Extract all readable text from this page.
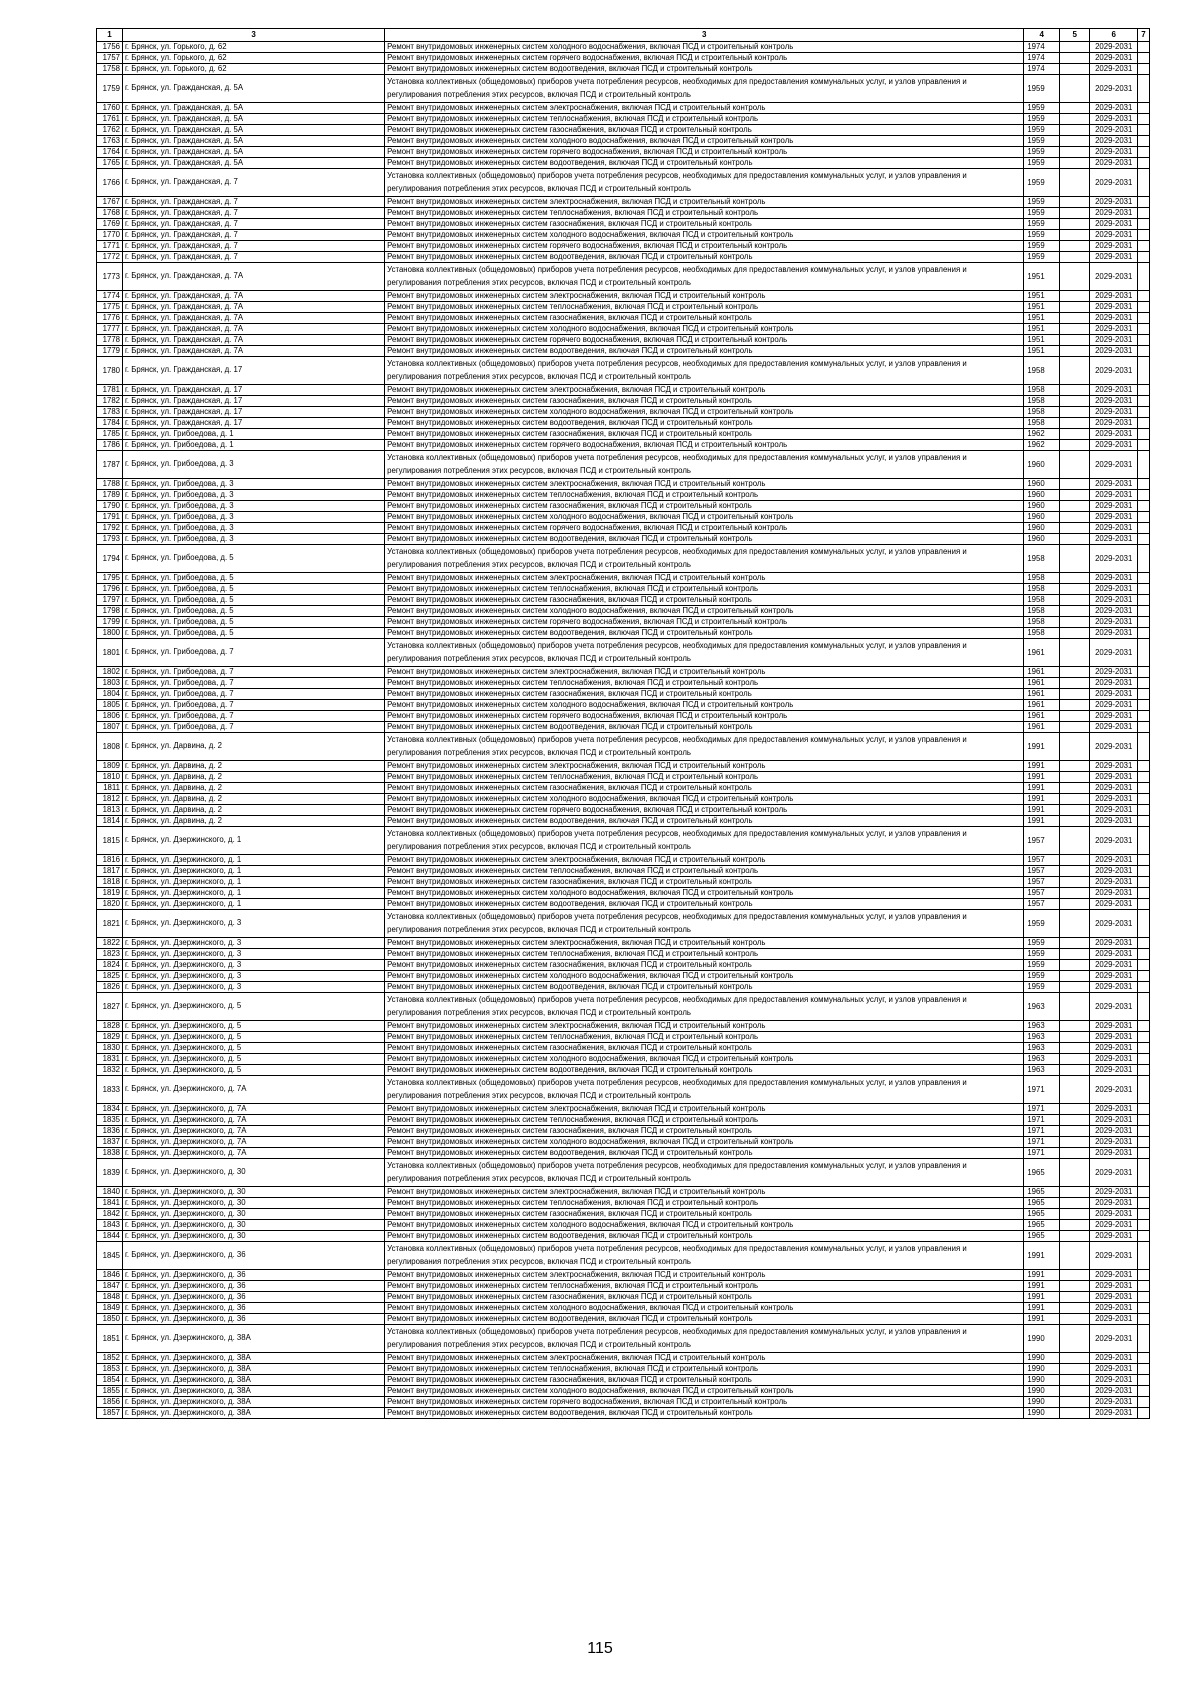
1	3	3	4	5	6	7
1756	г. Брянск, ул. Горького, д. 62	Ремонт внутридомовых инженерных систем холодного водоснабжения, включая ПСД и строительный контроль	1974		2029-2031	
1757	г. Брянск, ул. Горького, д. 62	Ремонт внутридомовых инженерных систем горячего водоснабжения, включая ПСД и строительный контроль	1974		2029-2031	
1758	г. Брянск, ул. Горького, д. 62	Ремонт внутридомовых инженерных систем водоотведения, включая ПСД и строительный контроль	1974		2029-2031	
1759	г. Брянск, ул. Гражданская, д. 5А	Установка коллективных (общедомовых) приборов учета потребления ресурсов, необходимых для предоставления коммунальных услуг, и узлов управления и регулирования потребления этих ресурсов, включая ПСД и строительный контроль	1959		2029-2031	
1760	г. Брянск, ул. Гражданская, д. 5А	Ремонт внутридомовых инженерных систем электроснабжения, включая ПСД и строительный контроль	1959		2029-2031	
1761	г. Брянск, ул. Гражданская, д. 5А	Ремонт внутридомовых инженерных систем теплоснабжения, включая ПСД и строительный контроль	1959		2029-2031	
1762	г. Брянск, ул. Гражданская, д. 5А	Ремонт внутридомовых инженерных систем газоснабжения, включая ПСД и строительный контроль	1959		2029-2031	
1763	г. Брянск, ул. Гражданская, д. 5А	Ремонт внутридомовых инженерных систем холодного водоснабжения, включая ПСД и строительный контроль	1959		2029-2031	
1764	г. Брянск, ул. Гражданская, д. 5А	Ремонт внутридомовых инженерных систем горячего водоснабжения, включая ПСД и строительный контроль	1959		2029-2031	
1765	г. Брянск, ул. Гражданская, д. 5А	Ремонт внутридомовых инженерных систем водоотведения, включая ПСД и строительный контроль	1959		2029-2031	
1766	г. Брянск, ул. Гражданская, д. 7	Установка коллективных (общедомовых) приборов учета потребления ресурсов, необходимых для предоставления коммунальных услуг, и узлов управления и регулирования потребления этих ресурсов, включая ПСД и строительный контроль	1959		2029-2031	
1767	г. Брянск, ул. Гражданская, д. 7	Ремонт внутридомовых инженерных систем электроснабжения, включая ПСД и строительный контроль	1959		2029-2031	
1768	г. Брянск, ул. Гражданская, д. 7	Ремонт внутридомовых инженерных систем теплоснабжения, включая ПСД и строительный контроль	1959		2029-2031	
1769	г. Брянск, ул. Гражданская, д. 7	Ремонт внутридомовых инженерных систем газоснабжения, включая ПСД и строительный контроль	1959		2029-2031	
1770	г. Брянск, ул. Гражданская, д. 7	Ремонт внутридомовых инженерных систем холодного водоснабжения, включая ПСД и строительный контроль	1959		2029-2031	
1771	г. Брянск, ул. Гражданская, д. 7	Ремонт внутридомовых инженерных систем горячего водоснабжения, включая ПСД и строительный контроль	1959		2029-2031	
1772	г. Брянск, ул. Гражданская, д. 7	Ремонт внутридомовых инженерных систем водоотведения, включая ПСД и строительный контроль	1959		2029-2031	
1773	г. Брянск, ул. Гражданская, д. 7А	Установка коллективных (общедомовых) приборов учета потребления ресурсов, необходимых для предоставления коммунальных услуг, и узлов управления и регулирования потребления этих ресурсов, включая ПСД и строительный контроль	1951		2029-2031	
1774	г. Брянск, ул. Гражданская, д. 7А	Ремонт внутридомовых инженерных систем электроснабжения, включая ПСД и строительный контроль	1951		2029-2031	
1775	г. Брянск, ул. Гражданская, д. 7А	Ремонт внутридомовых инженерных систем теплоснабжения, включая ПСД и строительный контроль	1951		2029-2031	
1776	г. Брянск, ул. Гражданская, д. 7А	Ремонт внутридомовых инженерных систем газоснабжения, включая ПСД и строительный контроль	1951		2029-2031	
1777	г. Брянск, ул. Гражданская, д. 7А	Ремонт внутридомовых инженерных систем холодного водоснабжения, включая ПСД и строительный контроль	1951		2029-2031	
1778	г. Брянск, ул. Гражданская, д. 7А	Ремонт внутридомовых инженерных систем горячего водоснабжения, включая ПСД и строительный контроль	1951		2029-2031	
1779	г. Брянск, ул. Гражданская, д. 7А	Ремонт внутридомовых инженерных систем водоотведения, включая ПСД и строительный контроль	1951		2029-2031	
1780	г. Брянск, ул. Гражданская, д. 17	Установка коллективных (общедомовых) приборов учета потребления ресурсов, необходимых для предоставления коммунальных услуг, и узлов управления и регулирования потребления этих ресурсов, включая ПСД и строительный контроль	1958		2029-2031	
1781	г. Брянск, ул. Гражданская, д. 17	Ремонт внутридомовых инженерных систем электроснабжения, включая ПСД и строительный контроль	1958		2029-2031	
1782	г. Брянск, ул. Гражданская, д. 17	Ремонт внутридомовых инженерных систем газоснабжения, включая ПСД и строительный контроль	1958		2029-2031	
1783	г. Брянск, ул. Гражданская, д. 17	Ремонт внутридомовых инженерных систем холодного водоснабжения, включая ПСД и строительный контроль	1958		2029-2031	
1784	г. Брянск, ул. Гражданская, д. 17	Ремонт внутридомовых инженерных систем водоотведения, включая ПСД и строительный контроль	1958		2029-2031	
1785	г. Брянск, ул. Грибоедова, д. 1	Ремонт внутридомовых инженерных систем газоснабжения, включая ПСД и строительный контроль	1962		2029-2031	
1786	г. Брянск, ул. Грибоедова, д. 1	Ремонт внутридомовых инженерных систем горячего водоснабжения, включая ПСД и строительный контроль	1962		2029-2031	
1787	г. Брянск, ул. Грибоедова, д. 3	Установка коллективных (общедомовых) приборов учета потребления ресурсов, необходимых для предоставления коммунальных услуг, и узлов управления и регулирования потребления этих ресурсов, включая ПСД и строительный контроль	1960		2029-2031	
1788	г. Брянск, ул. Грибоедова, д. 3	Ремонт внутридомовых инженерных систем электроснабжения, включая ПСД и строительный контроль	1960		2029-2031	
1789	г. Брянск, ул. Грибоедова, д. 3	Ремонт внутридомовых инженерных систем теплоснабжения, включая ПСД и строительный контроль	1960		2029-2031	
1790	г. Брянск, ул. Грибоедова, д. 3	Ремонт внутридомовых инженерных систем газоснабжения, включая ПСД и строительный контроль	1960		2029-2031	
1791	г. Брянск, ул. Грибоедова, д. 3	Ремонт внутридомовых инженерных систем холодного водоснабжения, включая ПСД и строительный контроль	1960		2029-2031	
1792	г. Брянск, ул. Грибоедова, д. 3	Ремонт внутридомовых инженерных систем горячего водоснабжения, включая ПСД и строительный контроль	1960		2029-2031	
1793	г. Брянск, ул. Грибоедова, д. 3	Ремонт внутридомовых инженерных систем водоотведения, включая ПСД и строительный контроль	1960		2029-2031	
1794	г. Брянск, ул. Грибоедова, д. 5	Установка коллективных (общедомовых) приборов учета потребления ресурсов, необходимых для предоставления коммунальных услуг, и узлов управления и регулирования потребления этих ресурсов, включая ПСД и строительный контроль	1958		2029-2031	
1795	г. Брянск, ул. Грибоедова, д. 5	Ремонт внутридомовых инженерных систем электроснабжения, включая ПСД и строительный контроль	1958		2029-2031	
1796	г. Брянск, ул. Грибоедова, д. 5	Ремонт внутридомовых инженерных систем теплоснабжения, включая ПСД и строительный контроль	1958		2029-2031	
1797	г. Брянск, ул. Грибоедова, д. 5	Ремонт внутридомовых инженерных систем газоснабжения, включая ПСД и строительный контроль	1958		2029-2031	
1798	г. Брянск, ул. Грибоедова, д. 5	Ремонт внутридомовых инженерных систем холодного водоснабжения, включая ПСД и строительный контроль	1958		2029-2031	
1799	г. Брянск, ул. Грибоедова, д. 5	Ремонт внутридомовых инженерных систем горячего водоснабжения, включая ПСД и строительный контроль	1958		2029-2031	
1800	г. Брянск, ул. Грибоедова, д. 5	Ремонт внутридомовых инженерных систем водоотведения, включая ПСД и строительный контроль	1958		2029-2031	
1801	г. Брянск, ул. Грибоедова, д. 7	Установка коллективных (общедомовых) приборов учета потребления ресурсов, необходимых для предоставления коммунальных услуг, и узлов управления и регулирования потребления этих ресурсов, включая ПСД и строительный контроль	1961		2029-2031	
1802	г. Брянск, ул. Грибоедова, д. 7	Ремонт внутридомовых инженерных систем электроснабжения, включая ПСД и строительный контроль	1961		2029-2031	
1803	г. Брянск, ул. Грибоедова, д. 7	Ремонт внутридомовых инженерных систем теплоснабжения, включая ПСД и строительный контроль	1961		2029-2031	
1804	г. Брянск, ул. Грибоедова, д. 7	Ремонт внутридомовых инженерных систем газоснабжения, включая ПСД и строительный контроль	1961		2029-2031	
1805	г. Брянск, ул. Грибоедова, д. 7	Ремонт внутридомовых инженерных систем холодного водоснабжения, включая ПСД и строительный контроль	1961		2029-2031	
1806	г. Брянск, ул. Грибоедова, д. 7	Ремонт внутридомовых инженерных систем горячего водоснабжения, включая ПСД и строительный контроль	1961		2029-2031	
1807	г. Брянск, ул. Грибоедова, д. 7	Ремонт внутридомовых инженерных систем водоотведения, включая ПСД и строительный контроль	1961		2029-2031	
1808	г. Брянск, ул. Дарвина, д. 2	Установка коллективных (общедомовых) приборов учета потребления ресурсов, необходимых для предоставления коммунальных услуг, и узлов управления и регулирования потребления этих ресурсов, включая ПСД и строительный контроль	1991		2029-2031	
1809	г. Брянск, ул. Дарвина, д. 2	Ремонт внутридомовых инженерных систем электроснабжения, включая ПСД и строительный контроль	1991		2029-2031	
1810	г. Брянск, ул. Дарвина, д. 2	Ремонт внутридомовых инженерных систем теплоснабжения, включая ПСД и строительный контроль	1991		2029-2031	
1811	г. Брянск, ул. Дарвина, д. 2	Ремонт внутридомовых инженерных систем газоснабжения, включая ПСД и строительный контроль	1991		2029-2031	
1812	г. Брянск, ул. Дарвина, д. 2	Ремонт внутридомовых инженерных систем холодного водоснабжения, включая ПСД и строительный контроль	1991		2029-2031	
1813	г. Брянск, ул. Дарвина, д. 2	Ремонт внутридомовых инженерных систем горячего водоснабжения, включая ПСД и строительный контроль	1991		2029-2031	
1814	г. Брянск, ул. Дарвина, д. 2	Ремонт внутридомовых инженерных систем водоотведения, включая ПСД и строительный контроль	1991		2029-2031	
1815	г. Брянск, ул. Дзержинского, д. 1	Установка коллективных (общедомовых) приборов учета потребления ресурсов, необходимых для предоставления коммунальных услуг, и узлов управления и регулирования потребления этих ресурсов, включая ПСД и строительный контроль	1957		2029-2031	
1816	г. Брянск, ул. Дзержинского, д. 1	Ремонт внутридомовых инженерных систем электроснабжения, включая ПСД и строительный контроль	1957		2029-2031	
1817	г. Брянск, ул. Дзержинского, д. 1	Ремонт внутридомовых инженерных систем теплоснабжения, включая ПСД и строительный контроль	1957		2029-2031	
1818	г. Брянск, ул. Дзержинского, д. 1	Ремонт внутридомовых инженерных систем газоснабжения, включая ПСД и строительный контроль	1957		2029-2031	
1819	г. Брянск, ул. Дзержинского, д. 1	Ремонт внутридомовых инженерных систем холодного водоснабжения, включая ПСД и строительный контроль	1957		2029-2031	
1820	г. Брянск, ул. Дзержинского, д. 1	Ремонт внутридомовых инженерных систем водоотведения, включая ПСД и строительный контроль	1957		2029-2031	
1821	г. Брянск, ул. Дзержинского, д. 3	Установка коллективных (общедомовых) приборов учета потребления ресурсов, необходимых для предоставления коммунальных услуг, и узлов управления и регулирования потребления этих ресурсов, включая ПСД и строительный контроль	1959		2029-2031	
1822	г. Брянск, ул. Дзержинского, д. 3	Ремонт внутридомовых инженерных систем электроснабжения, включая ПСД и строительный контроль	1959		2029-2031	
1823	г. Брянск, ул. Дзержинского, д. 3	Ремонт внутридомовых инженерных систем теплоснабжения, включая ПСД и строительный контроль	1959		2029-2031	
1824	г. Брянск, ул. Дзержинского, д. 3	Ремонт внутридомовых инженерных систем газоснабжения, включая ПСД и строительный контроль	1959		2029-2031	
1825	г. Брянск, ул. Дзержинского, д. 3	Ремонт внутридомовых инженерных систем холодного водоснабжения, включая ПСД и строительный контроль	1959		2029-2031	
1826	г. Брянск, ул. Дзержинского, д. 3	Ремонт внутридомовых инженерных систем водоотведения, включая ПСД и строительный контроль	1959		2029-2031	
1827	г. Брянск, ул. Дзержинского, д. 5	Установка коллективных (общедомовых) приборов учета потребления ресурсов, необходимых для предоставления коммунальных услуг, и узлов управления и регулирования потребления этих ресурсов, включая ПСД и строительный контроль	1963		2029-2031	
1828	г. Брянск, ул. Дзержинского, д. 5	Ремонт внутридомовых инженерных систем электроснабжения, включая ПСД и строительный контроль	1963		2029-2031	
1829	г. Брянск, ул. Дзержинского, д. 5	Ремонт внутридомовых инженерных систем теплоснабжения, включая ПСД и строительный контроль	1963		2029-2031	
1830	г. Брянск, ул. Дзержинского, д. 5	Ремонт внутридомовых инженерных систем газоснабжения, включая ПСД и строительный контроль	1963		2029-2031	
1831	г. Брянск, ул. Дзержинского, д. 5	Ремонт внутридомовых инженерных систем холодного водоснабжения, включая ПСД и строительный контроль	1963		2029-2031	
1832	г. Брянск, ул. Дзержинского, д. 5	Ремонт внутридомовых инженерных систем водоотведения, включая ПСД и строительный контроль	1963		2029-2031	
1833	г. Брянск, ул. Дзержинского, д. 7А	Установка коллективных (общедомовых) приборов учета потребления ресурсов, необходимых для предоставления коммунальных услуг, и узлов управления и регулирования потребления этих ресурсов, включая ПСД и строительный контроль	1971		2029-2031	
1834	г. Брянск, ул. Дзержинского, д. 7А	Ремонт внутридомовых инженерных систем электроснабжения, включая ПСД и строительный контроль	1971		2029-2031	
1835	г. Брянск, ул. Дзержинского, д. 7А	Ремонт внутридомовых инженерных систем теплоснабжения, включая ПСД и строительный контроль	1971		2029-2031	
1836	г. Брянск, ул. Дзержинского, д. 7А	Ремонт внутридомовых инженерных систем газоснабжения, включая ПСД и строительный контроль	1971		2029-2031	
1837	г. Брянск, ул. Дзержинского, д. 7А	Ремонт внутридомовых инженерных систем холодного водоснабжения, включая ПСД и строительный контроль	1971		2029-2031	
1838	г. Брянск, ул. Дзержинского, д. 7А	Ремонт внутридомовых инженерных систем водоотведения, включая ПСД и строительный контроль	1971		2029-2031	
1839	г. Брянск, ул. Дзержинского, д. 30	Установка коллективных (общедомовых) приборов учета потребления ресурсов, необходимых для предоставления коммунальных услуг, и узлов управления и регулирования потребления этих ресурсов, включая ПСД и строительный контроль	1965		2029-2031	
1840	г. Брянск, ул. Дзержинского, д. 30	Ремонт внутридомовых инженерных систем электроснабжения, включая ПСД и строительный контроль	1965		2029-2031	
1841	г. Брянск, ул. Дзержинского, д. 30	Ремонт внутридомовых инженерных систем теплоснабжения, включая ПСД и строительный контроль	1965		2029-2031	
1842	г. Брянск, ул. Дзержинского, д. 30	Ремонт внутридомовых инженерных систем газоснабжения, включая ПСД и строительный контроль	1965		2029-2031	
1843	г. Брянск, ул. Дзержинского, д. 30	Ремонт внутридомовых инженерных систем холодного водоснабжения, включая ПСД и строительный контроль	1965		2029-2031	
1844	г. Брянск, ул. Дзержинского, д. 30	Ремонт внутридомовых инженерных систем водоотведения, включая ПСД и строительный контроль	1965		2029-2031	
1845	г. Брянск, ул. Дзержинского, д. 36	Установка коллективных (общедомовых) приборов учета потребления ресурсов, необходимых для предоставления коммунальных услуг, и узлов управления и регулирования потребления этих ресурсов, включая ПСД и строительный контроль	1991		2029-2031	
1846	г. Брянск, ул. Дзержинского, д. 36	Ремонт внутридомовых инженерных систем электроснабжения, включая ПСД и строительный контроль	1991		2029-2031	
1847	г. Брянск, ул. Дзержинского, д. 36	Ремонт внутридомовых инженерных систем теплоснабжения, включая ПСД и строительный контроль	1991		2029-2031	
1848	г. Брянск, ул. Дзержинского, д. 36	Ремонт внутридомовых инженерных систем газоснабжения, включая ПСД и строительный контроль	1991		2029-2031	
1849	г. Брянск, ул. Дзержинского, д. 36	Ремонт внутридомовых инженерных систем холодного водоснабжения, включая ПСД и строительный контроль	1991		2029-2031	
1850	г. Брянск, ул. Дзержинского, д. 36	Ремонт внутридомовых инженерных систем водоотведения, включая ПСД и строительный контроль	1991		2029-2031	
1851	г. Брянск, ул. Дзержинского, д. 38А	Установка коллективных (общедомовых) приборов учета потребления ресурсов, необходимых для предоставления коммунальных услуг, и узлов управления и регулирования потребления этих ресурсов, включая ПСД и строительный контроль	1990		2029-2031	
1852	г. Брянск, ул. Дзержинского, д. 38А	Ремонт внутридомовых инженерных систем электроснабжения, включая ПСД и строительный контроль	1990		2029-2031	
1853	г. Брянск, ул. Дзержинского, д. 38А	Ремонт внутридомовых инженерных систем теплоснабжения, включая ПСД и строительный контроль	1990		2029-2031	
1854	г. Брянск, ул. Дзержинского, д. 38А	Ремонт внутридомовых инженерных систем газоснабжения, включая ПСД и строительный контроль	1990		2029-2031	
1855	г. Брянск, ул. Дзержинского, д. 38А	Ремонт внутридомовых инженерных систем холодного водоснабжения, включая ПСД и строительный контроль	1990		2029-2031	
1856	г. Брянск, ул. Дзержинского, д. 38А	Ремонт внутридомовых инженерных систем горячего водоснабжения, включая ПСД и строительный контроль	1990		2029-2031	
1857	г. Брянск, ул. Дзержинского, д. 38А	Ремонт внутридомовых инженерных систем водоотведения, включая ПСД и строительный контроль	1990		2029-2031	
115
